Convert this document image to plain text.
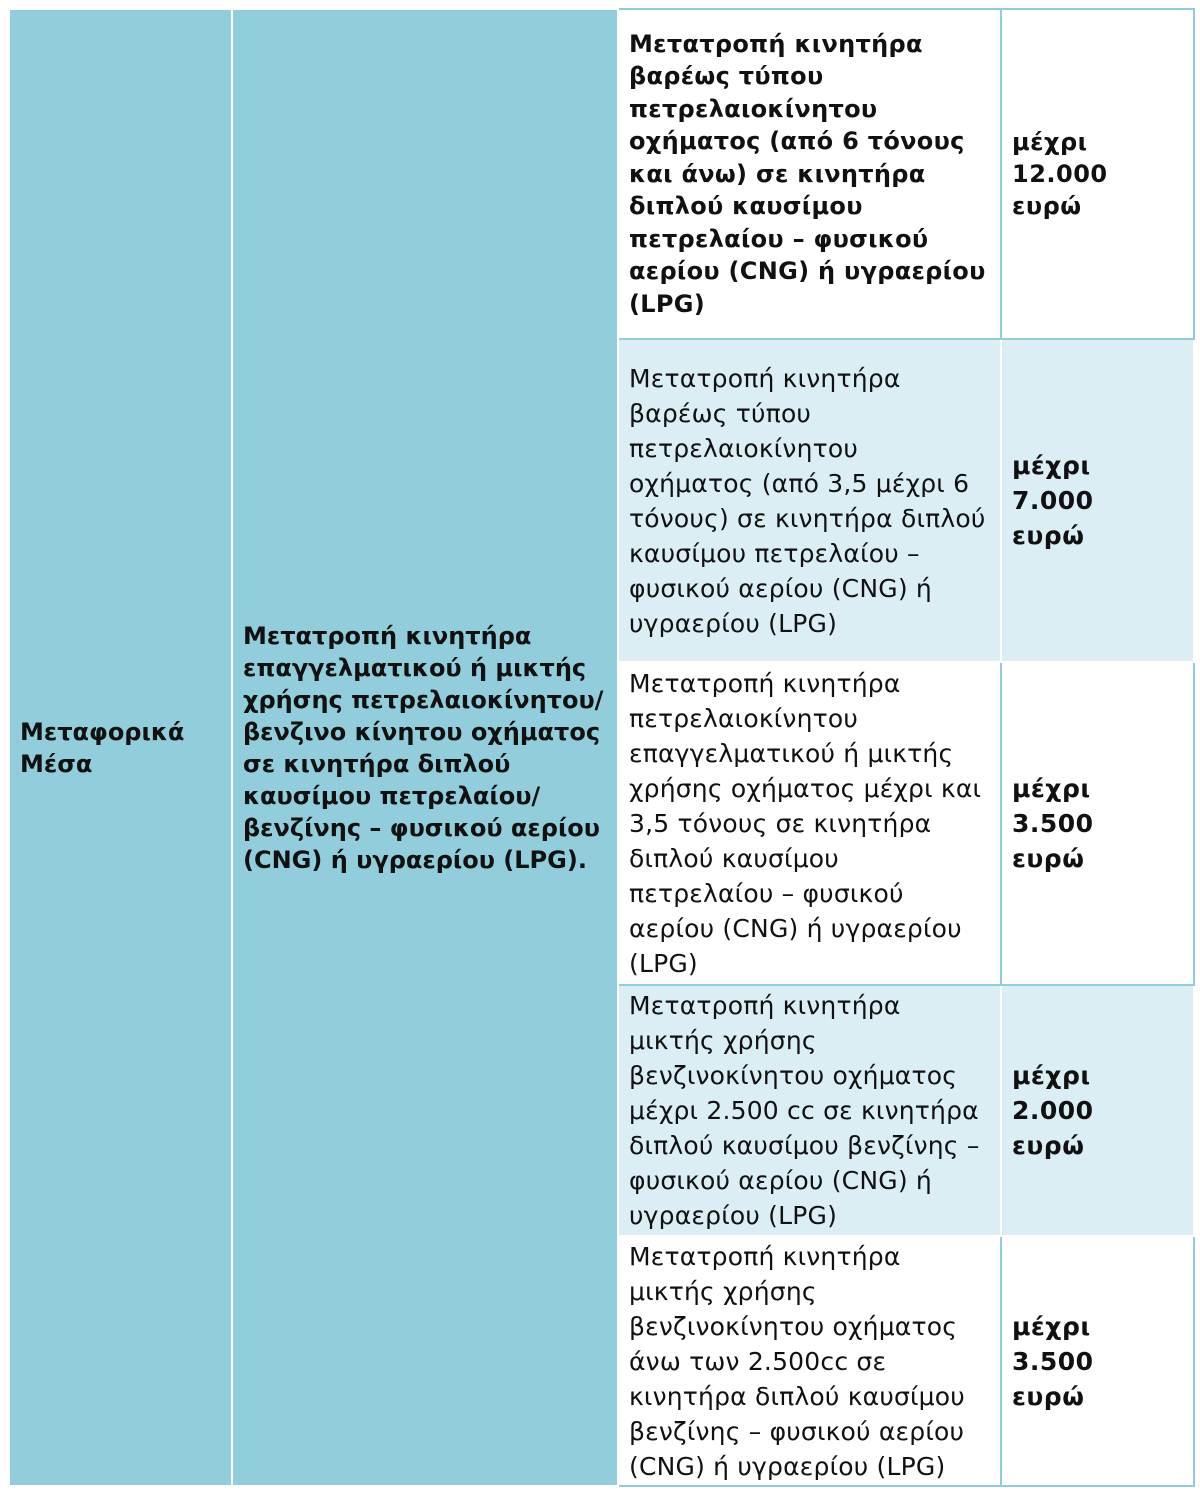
Μεταφορικά Μέσα	Μετατροπή κινητήρα επαγγελματικού ή μικτής χρήσης πετρελαιοκίνητου/βενζινο κίνητου οχήματος σε κινητήρα διπλού καυσίμου πετρελαίου/βενζίνης – φυσικού αερίου (CNG) ή υγραερίου (LPG).	Μετατροπή κινητήρα βαρέως τύπου πετρελαιοκίνητου οχήματος (από 6 τόνους και άνω) σε κινητήρα διπλού καυσίμου πετρελαίου – φυσικού αερίου (CNG) ή υγραερίου (LPG)	μέχρι
12.000
ευρώ

		Μετατροπή κινητήρα βαρέως τύπου πετρελαιοκίνητου οχήματος (από 3,5 μέχρι 6 τόνους) σε κινητήρα διπλού καυσίμου πετρελαίου – φυσικού αερίου (CNG) ή υγραερίου (LPG)	μέχρι
7.000
ευρώ

		Μετατροπή κινητήρα πετρελαιοκίνητου επαγγελματικού ή μικτής χρήσης οχήματος μέχρι και 3,5 τόνους σε κινητήρα διπλού καυσίμου πετρελαίου – φυσικού αερίου (CNG) ή υγραερίου (LPG)	μέχρι
3.500
ευρώ

		Μετατροπή κινητήρα μικτής χρήσης βενζινοκίνητου οχήματος μέχρι 2.500 cc σε κινητήρα διπλού καυσίμου βενζίνης – φυσικού αερίου (CNG) ή υγραερίου (LPG)	μέχρι
2.000
ευρώ

		Μετατροπή κινητήρα μικτής χρήσης βενζινοκίνητου οχήματος άνω των 2.500cc σε κινητήρα διπλού καυσίμου βενζίνης – φυσικού αερίου (CNG) ή υγραερίου (LPG)	μέχρι
3.500
ευρώ
